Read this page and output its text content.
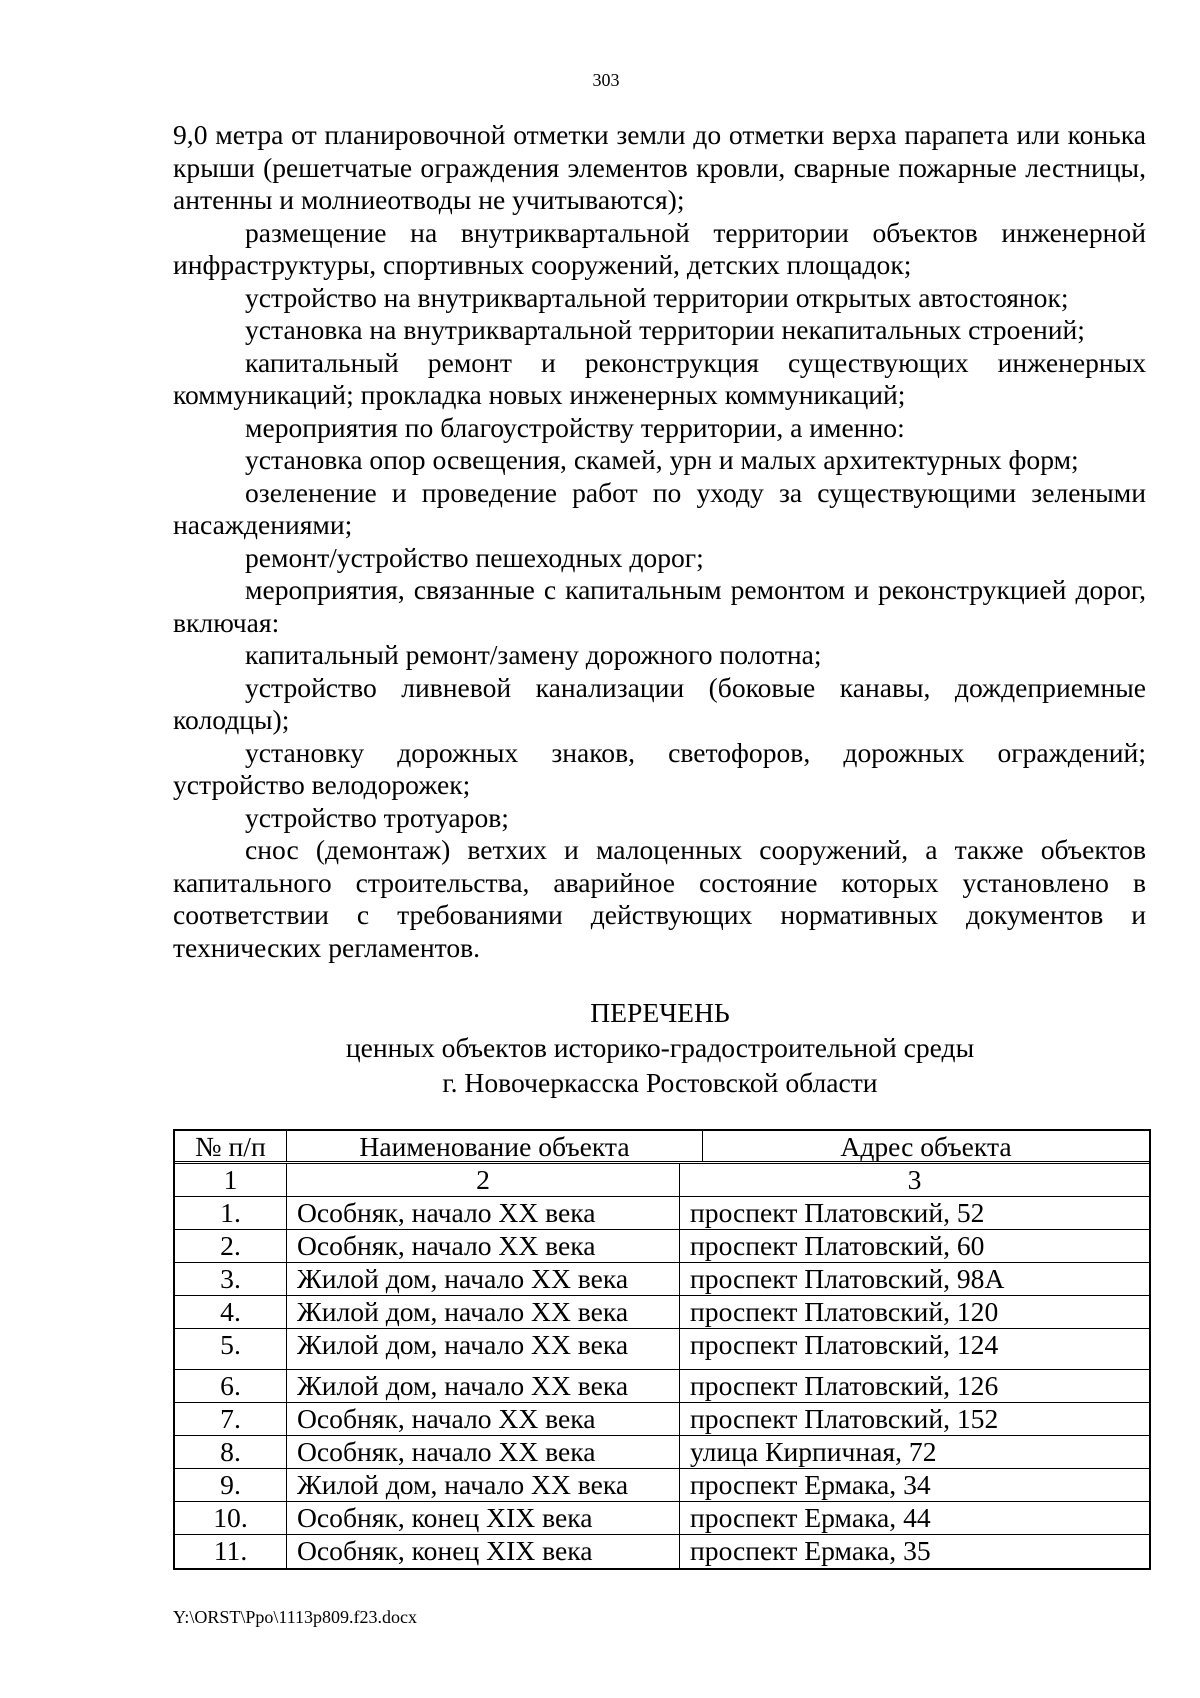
303

9,0 метра от планировочной отметки земли до отметки верха парапета или конька крыши (решетчатые ограждения элементов кровли, сварные пожарные лестницы, антенны и молниеотводы не учитываются);

размещение на внутриквартальной территории объектов инженерной инфраструктуры, спортивных сооружений, детских площадок;

устройство на внутриквартальной территории открытых автостоянок;

установка на внутриквартальной территории некапитальных строений;

капитальный ремонт и реконструкция существующих инженерных коммуникаций; прокладка новых инженерных коммуникаций;

мероприятия по благоустройству территории, а именно:

установка опор освещения, скамей, урн и малых архитектурных форм;

озеленение и проведение работ по уходу за существующими зелеными насаждениями;

ремонт/устройство пешеходных дорог;

мероприятия, связанные с капитальным ремонтом и реконструкцией дорог, включая:

капитальный ремонт/замену дорожного полотна;

устройство ливневой канализации (боковые канавы, дождеприемные колодцы);

установку дорожных знаков, светофоров, дорожных ограждений; устройство велодорожек;

устройство тротуаров;

снос (демонтаж) ветхих и малоценных сооружений, а также объектов капитального строительства, аварийное состояние которых установлено в соответствии с требованиями действующих нормативных документов и технических регламентов.

ПЕРЕЧЕНЬ
ценных объектов историко-градостроительной среды
г. Новочеркасска Ростовской области
№ п/п	Наименование объекта	Адрес объекта
1	2	3
1.	Особняк, начало XX века	проспект Платовский, 52
2.	Особняк, начало XX века	проспект Платовский, 60
3.	Жилой дом, начало XX века	проспект Платовский, 98А
4.	Жилой дом, начало XX века	проспект Платовский, 120
5.	Жилой дом, начало XX века	проспект Платовский, 124
6.	Жилой дом, начало XX века	проспект Платовский, 126
7.	Особняк, начало XX века	проспект Платовский, 152
8.	Особняк, начало XX века	улица Кирпичная, 72
9.	Жилой дом, начало XX века	проспект Ермака, 34
10.	Особняк, конец XIX века	проспект Ермака, 44
11.	Особняк, конец XIX века	проспект Ермака, 35
Y:\ORST\Ppo\1113p809.f23.docx
